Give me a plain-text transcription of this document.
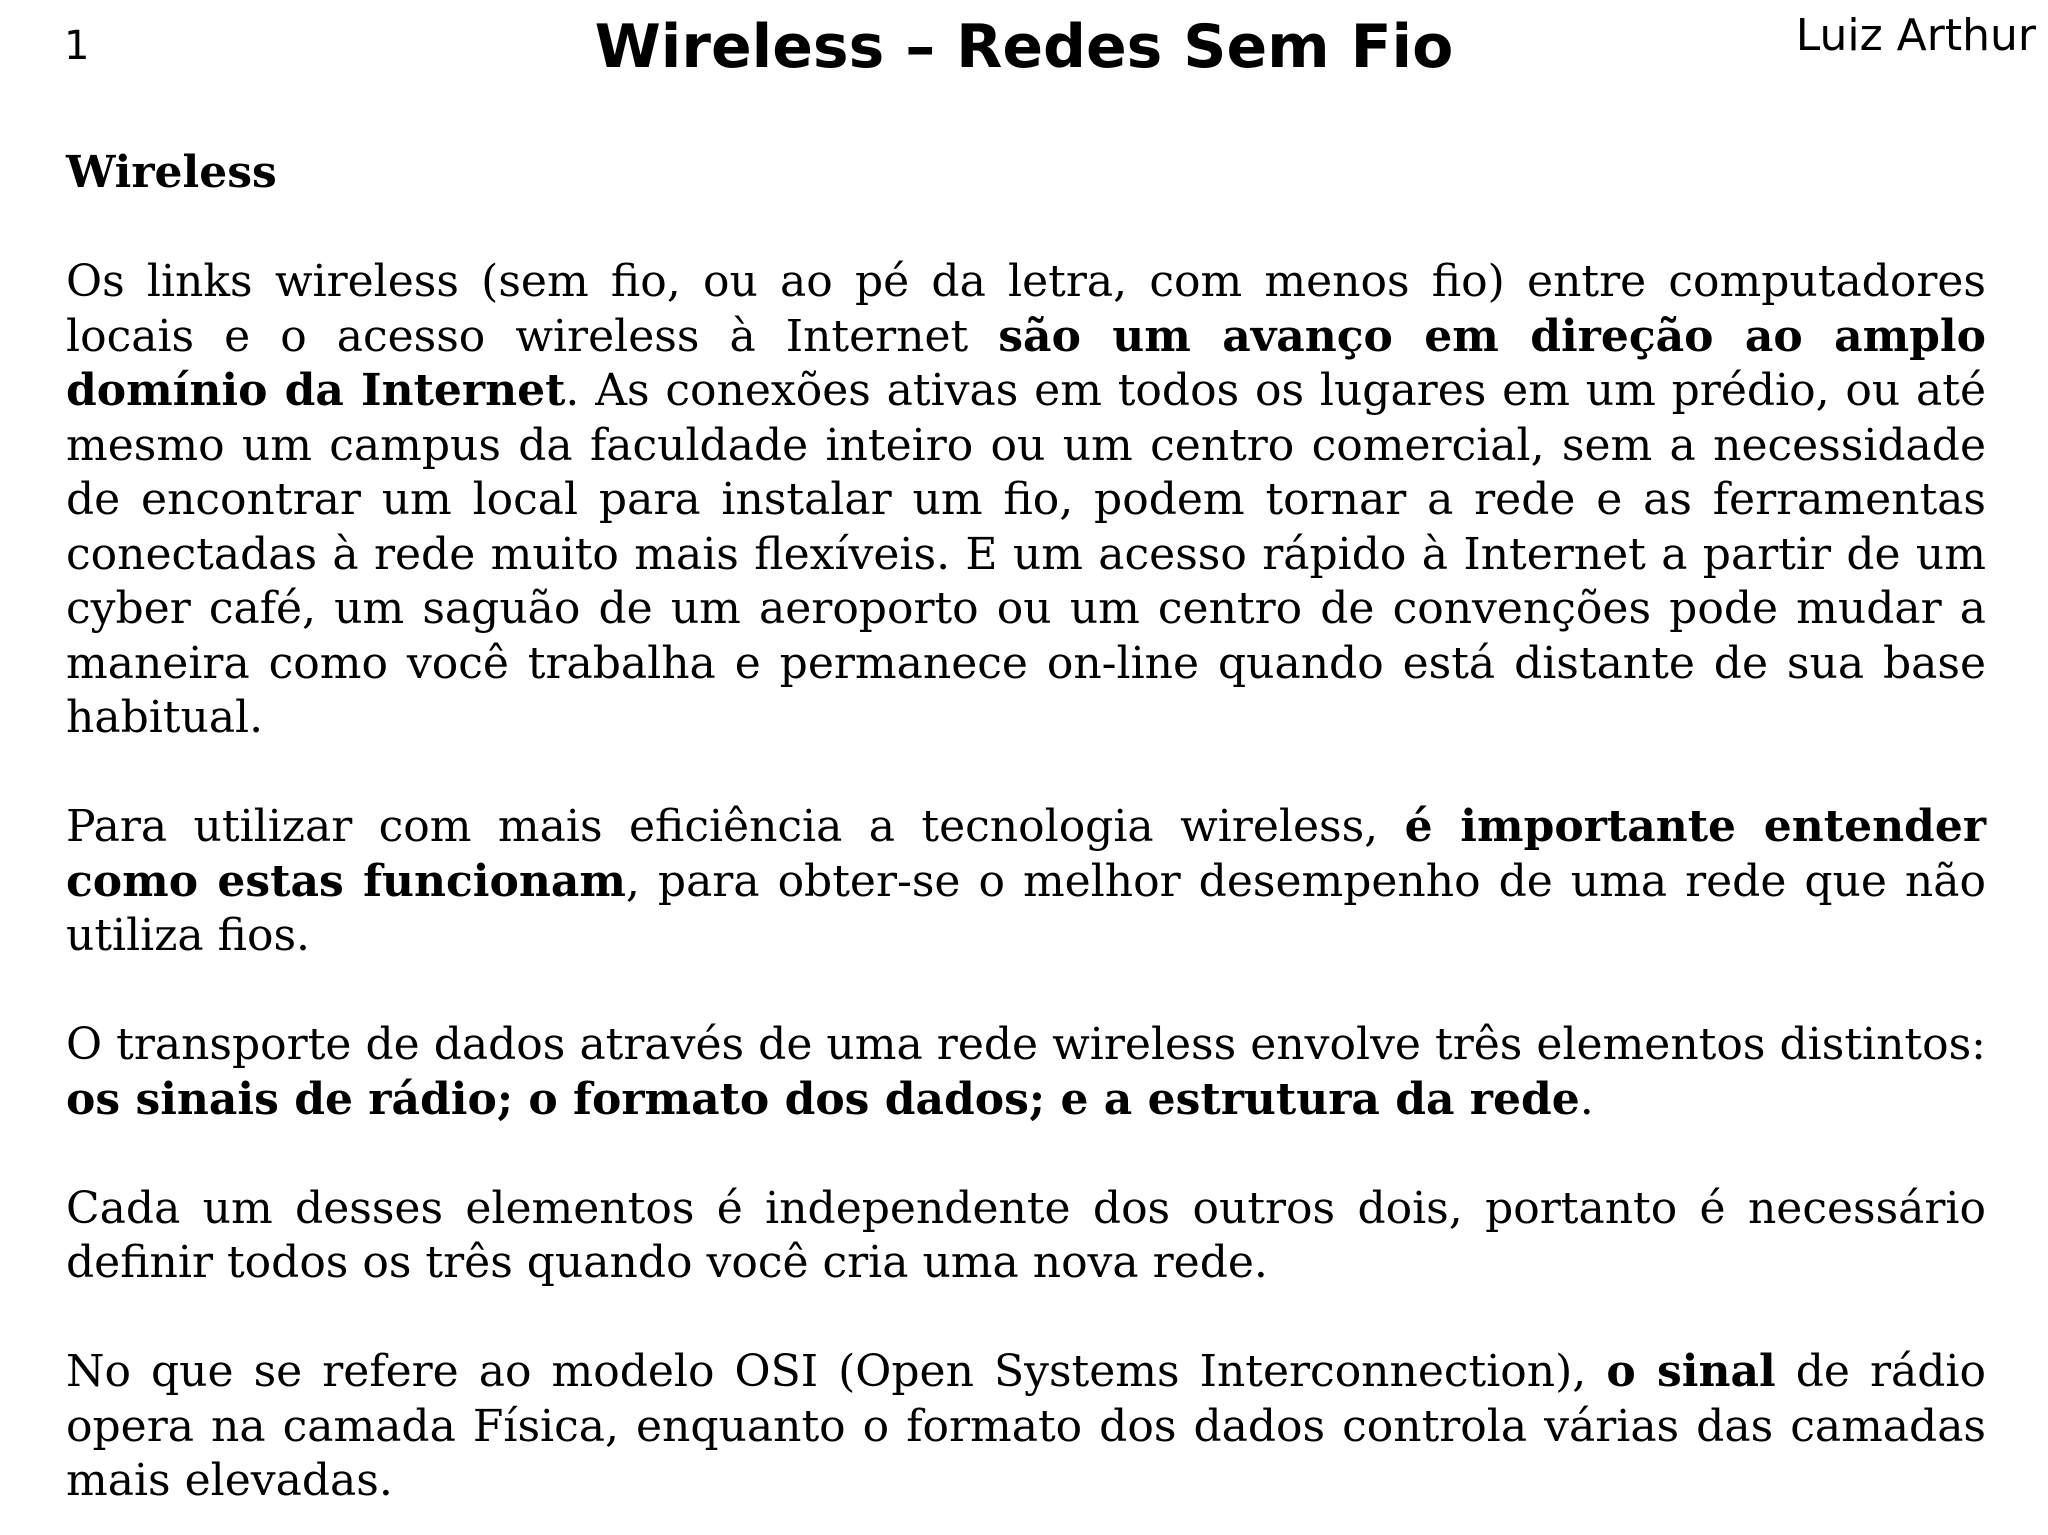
1	Wireless – Redes Sem Fio	Luiz Arthur
Wireless

Os links wireless (sem fio, ou ao pé da letra, com menos fio) entre computadores locais e o acesso wireless à Internet são um avanço em direção ao amplo domínio da Internet. As conexões ativas em todos os lugares em um prédio, ou até mesmo um campus da faculdade inteiro ou um centro comercial, sem a necessidade de encontrar um local para instalar um fio, podem tornar a rede e as ferramentas conectadas à rede muito mais flexíveis. E um acesso rápido à Internet a partir de um cyber café, um saguão de um aeroporto ou um centro de convenções pode mudar a maneira como você trabalha e permanece on-line quando está distante de sua base habitual.

Para utilizar com mais eficiência a tecnologia wireless, é importante entender como estas funcionam, para obter-se o melhor desempenho de uma rede que não utiliza fios.

O transporte de dados através de uma rede wireless envolve três elementos distintos: os sinais de rádio; o formato dos dados; e a estrutura da rede.

Cada um desses elementos é independente dos outros dois, portanto é necessário definir todos os três quando você cria uma nova rede.

No que se refere ao modelo OSI (Open Systems Interconnection), o sinal de rádio opera na camada Física, enquanto o formato dos dados controla várias das camadas mais elevadas.
